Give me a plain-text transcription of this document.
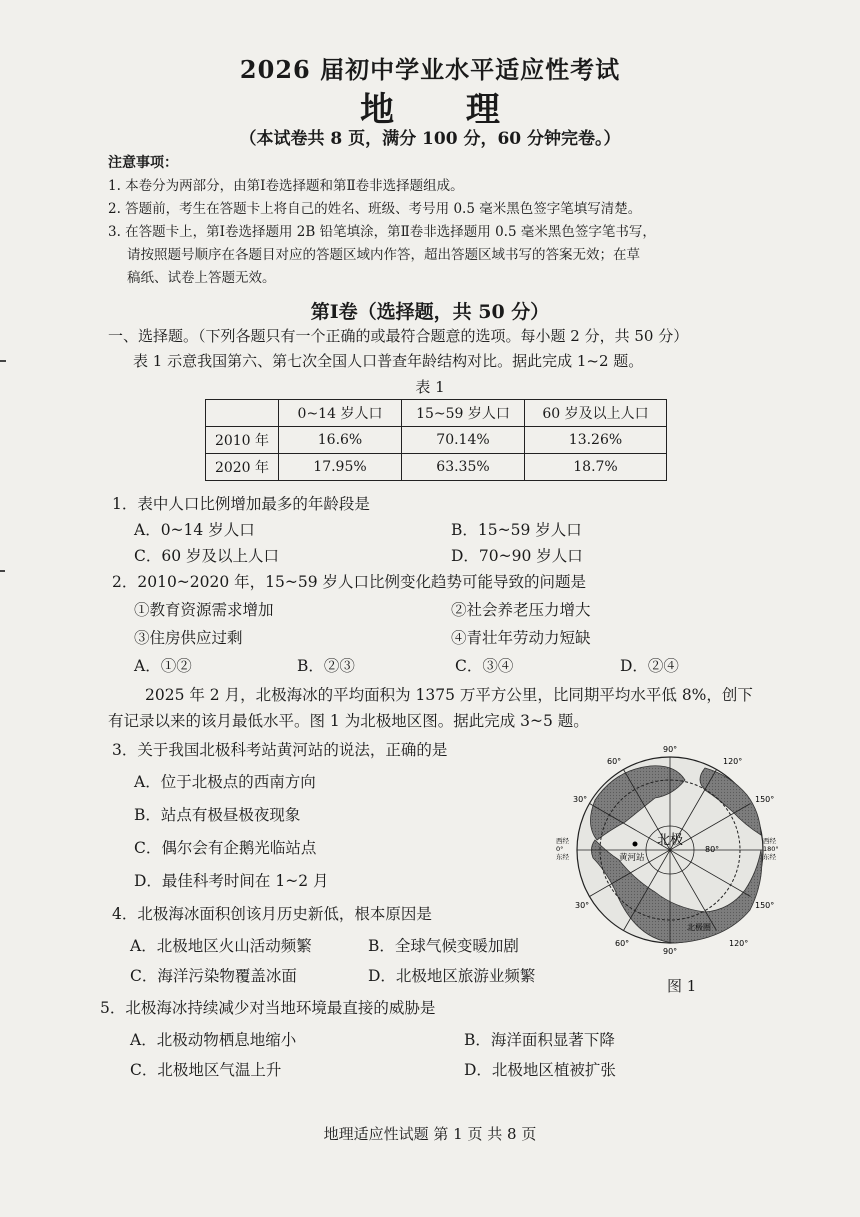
2026 届初中学业水平适应性考试
地 理
（本试卷共 8 页，满分 100 分，60 分钟完卷。）
注意事项：
1. 本卷分为两部分，由第Ⅰ卷选择题和第Ⅱ卷非选择题组成。
2. 答题前，考生在答题卡上将自己的姓名、班级、考号用 0.5 毫米黑色签字笔填写清楚。
3. 在答题卡上，第Ⅰ卷选择题用 2B 铅笔填涂，第Ⅱ卷非选择题用 0.5 毫米黑色签字笔书写，
请按照题号顺序在各题目对应的答题区域内作答，超出答题区域书写的答案无效；在草
稿纸、试卷上答题无效。
第Ⅰ卷（选择题，共 50 分）
一、选择题。（下列各题只有一个正确的或最符合题意的选项。每小题 2 分，共 50 分）
表 1 示意我国第六、第七次全国人口普查年龄结构对比。据此完成 1~2 题。
表 1
	0~14 岁人口	15~59 岁人口	60 岁及以上人口
2010 年	16.6%	70.14%	13.26%
2020 年	17.95%	63.35%	18.7%
1．表中人口比例增加最多的年龄段是
A．0~14 岁人口	B．15~59 岁人口
C．60 岁及以上人口	D．70~90 岁人口
2．2010~2020 年，15~59 岁人口比例变化趋势可能导致的问题是
①教育资源需求增加	②社会养老压力增大
③住房供应过剩	④青壮年劳动力短缺
A．①②	B．②③	C．③④	D．②④
2025 年 2 月，北极海冰的平均面积为 1375 万平方公里，比同期平均水平低 8%，创下
有记录以来的该月最低水平。图 1 为北极地区图。据此完成 3~5 题。
3．关于我国北极科考站黄河站的说法，正确的是
A．位于北极点的西南方向
B．站点有极昼极夜现象
C．偶尔会有企鹅光临站点
D．最佳科考时间在 1~2 月
4．北极海冰面积创该月历史新低，根本原因是
A．北极地区火山活动频繁	B．全球气候变暖加剧
C．海洋污染物覆盖冰面	D．北极地区旅游业频繁
5．北极海冰持续减少对当地环境最直接的威胁是
A．北极动物栖息地缩小	B．海洋面积显著下降
C．北极地区气温上升	D．北极地区植被扩张
黄河站
北极
80°
北极圈
90°
60°	120°
30°	150°
西经 0°东经
西经 180°东经
30°	150°
60°	120°
90°
图 1
地理适应性试题 第 1 页 共 8 页
